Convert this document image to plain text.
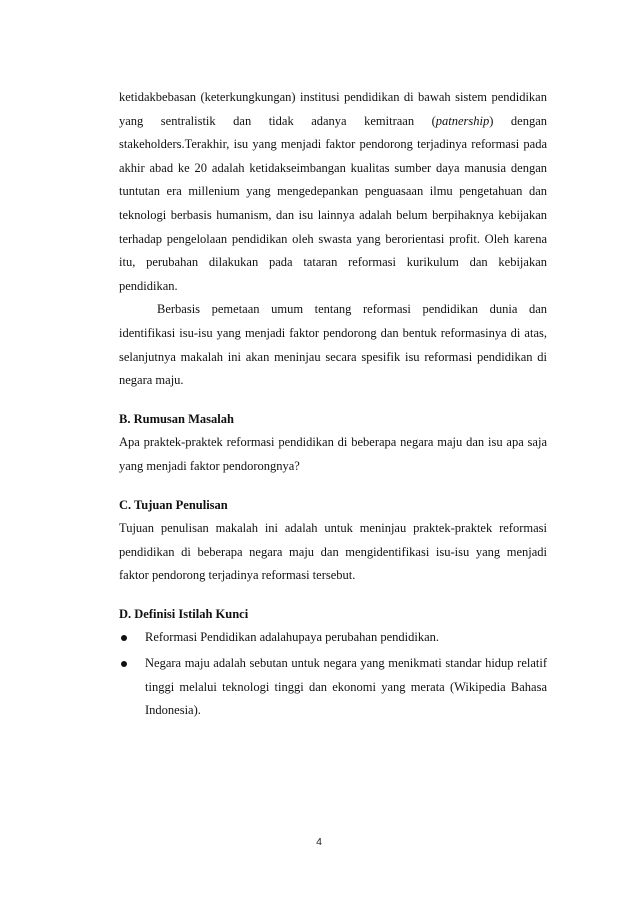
ketidakbebasan (keterkungkungan) institusi pendidikan di bawah sistem pendidikan yang sentralistik dan tidak adanya kemitraan (patnership) dengan stakeholders.Terakhir, isu yang menjadi faktor pendorong terjadinya reformasi pada akhir abad ke 20 adalah ketidakseimbangan kualitas sumber daya manusia dengan tuntutan era millenium yang mengedepankan penguasaan ilmu pengetahuan dan teknologi berbasis humanism, dan isu lainnya adalah belum berpihaknya kebijakan terhadap pengelolaan pendidikan oleh swasta yang berorientasi profit. Oleh karena itu, perubahan dilakukan pada tataran reformasi kurikulum dan kebijakan pendidikan.

Berbasis pemetaan umum tentang reformasi pendidikan dunia dan identifikasi isu-isu yang menjadi faktor pendorong dan bentuk reformasinya di atas, selanjutnya makalah ini akan meninjau secara spesifik isu reformasi pendidikan di negara maju.

B. Rumusan Masalah

Apa praktek-praktek reformasi pendidikan di beberapa negara maju dan isu apa saja yang menjadi faktor pendorongnya?

C. Tujuan Penulisan

Tujuan penulisan makalah ini adalah untuk meninjau praktek-praktek reformasi pendidikan di beberapa negara maju dan mengidentifikasi isu-isu yang menjadi faktor pendorong terjadinya reformasi tersebut.

D. Definisi Istilah Kunci

Reformasi Pendidikan adalahupaya perubahan pendidikan.
Negara maju adalah sebutan untuk negara yang menikmati standar hidup relatif tinggi melalui teknologi tinggi dan ekonomi yang merata (Wikipedia Bahasa Indonesia).
4
